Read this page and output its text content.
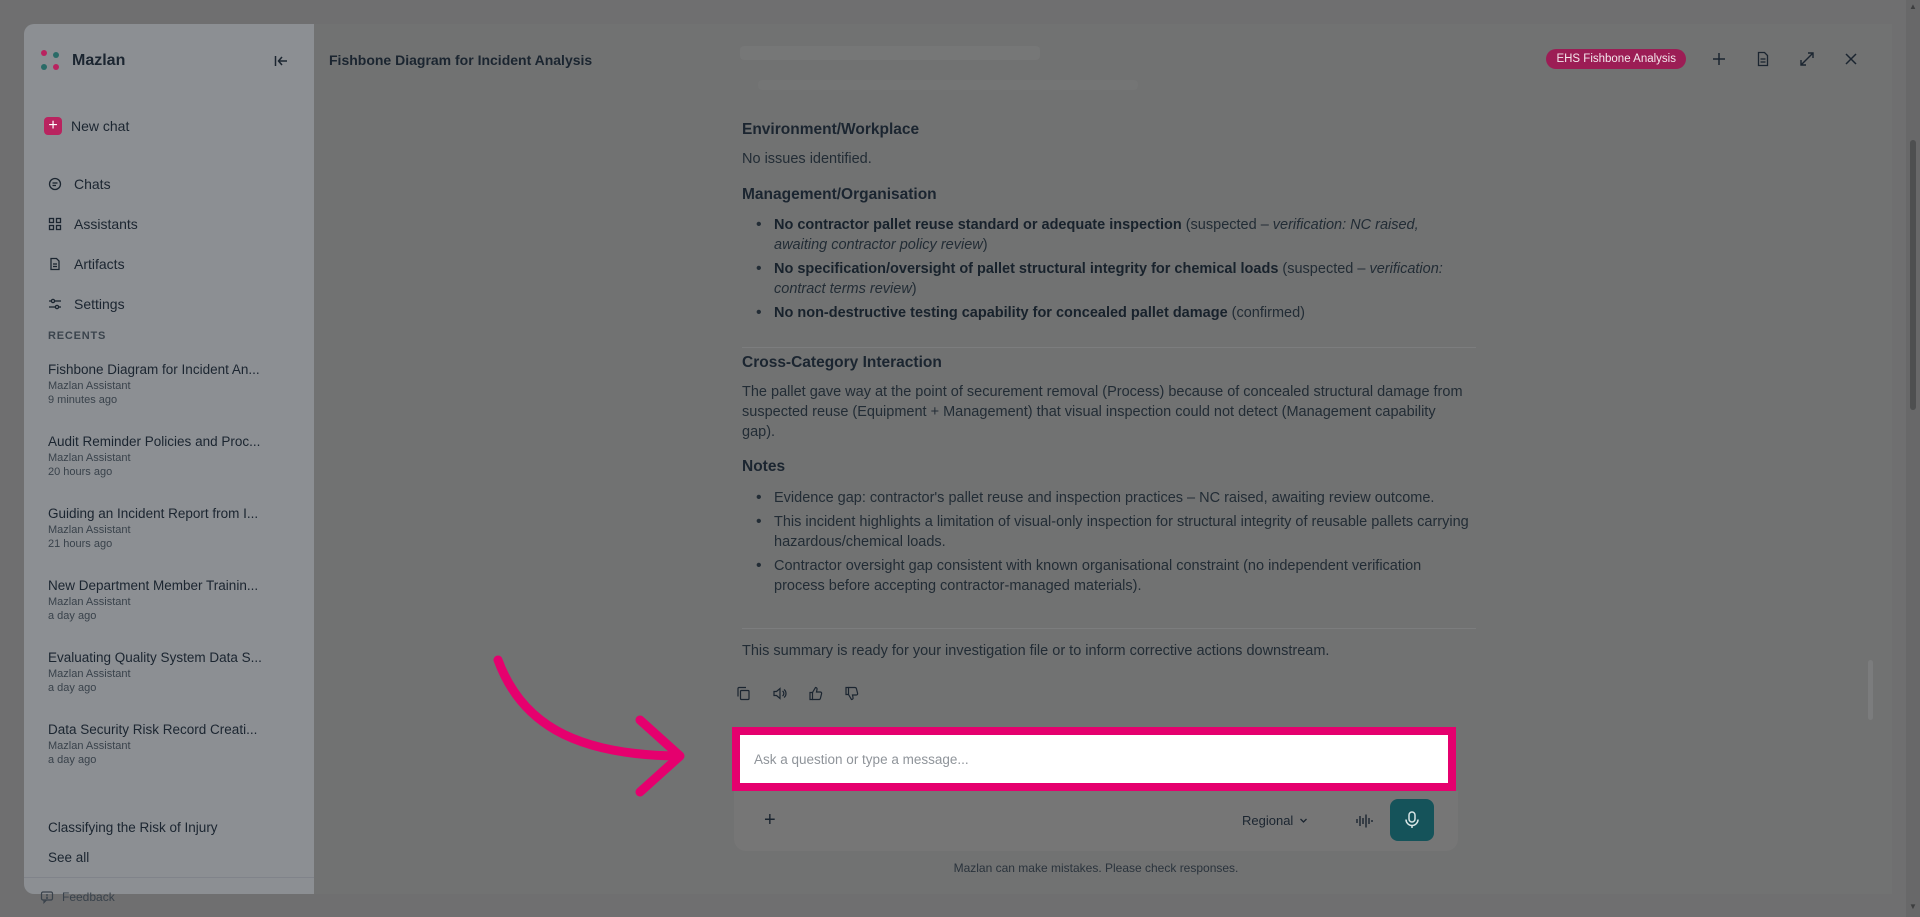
Mazlan
+ New chat
Chats
Assistants
Artifacts
Settings
RECENTS
Fishbone Diagram for Incident An...
Mazlan Assistant
9 minutes ago
Audit Reminder Policies and Proc...
Mazlan Assistant
20 hours ago
Guiding an Incident Report from I...
Mazlan Assistant
21 hours ago
New Department Member Trainin...
Mazlan Assistant
a day ago
Evaluating Quality System Data S...
Mazlan Assistant
a day ago
Data Security Risk Record Creati...
Mazlan Assistant
a day ago
Classifying the Risk of Injury
See all
Feedback
Fishbone Diagram for Incident Analysis	EHS Fishbone Analysis
Environment/Workplace
No issues identified.
Management/Organisation
• No contractor pallet reuse standard or adequate inspection (suspected – verification: NC raised, awaiting contractor policy review)
• No specification/oversight of pallet structural integrity for chemical loads (suspected – verification: contract terms review)
• No non-destructive testing capability for concealed pallet damage (confirmed)
Cross-Category Interaction
The pallet gave way at the point of securement removal (Process) because of concealed structural damage from suspected reuse (Equipment + Management) that visual inspection could not detect (Management capability gap).
Notes
• Evidence gap: contractor's pallet reuse and inspection practices – NC raised, awaiting review outcome.
• This incident highlights a limitation of visual-only inspection for structural integrity of reusable pallets carrying hazardous/chemical loads.
• Contractor oversight gap consistent with known organisational constraint (no independent verification process before accepting contractor-managed materials).
This summary is ready for your investigation file or to inform corrective actions downstream.
Ask a question or type a message...
+	Regional
Mazlan can make mistakes. Please check responses.
▲
▼
